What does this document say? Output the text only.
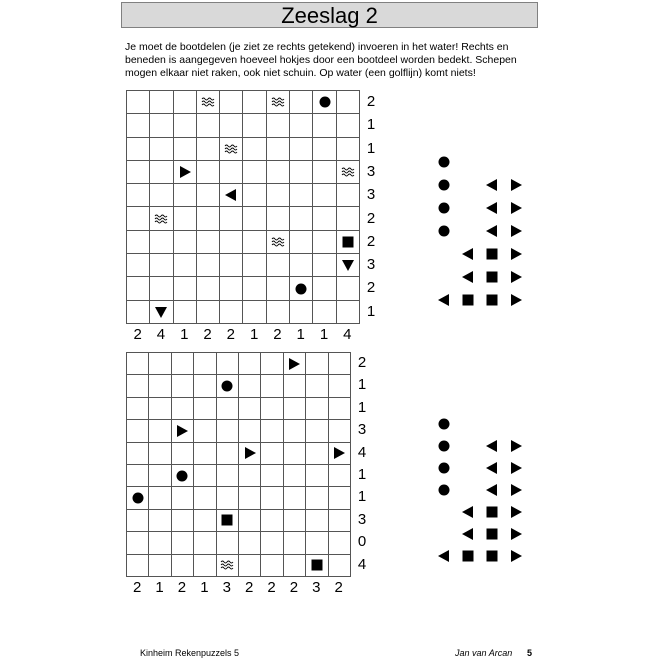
Zeeslag 2
Je moet de bootdelen (je ziet ze rechts getekend) invoeren in het water! Rechts en beneden is aangegeven hoeveel hokjes door een bootdeel worden bedekt. Schepen mogen elkaar niet raken, ook niet schuin. Op water (een golflijn) komt niets!

2
1
1
3
3
2
2
3
2
1
2 4 1 2 2 1 2 1 1 4

2
1
1
3
4
1
1
3
0
4
2 1 2 1 3 2 2 2 3 2
Kinheim Rekenpuzzels 5	Jan van Arcan 5
